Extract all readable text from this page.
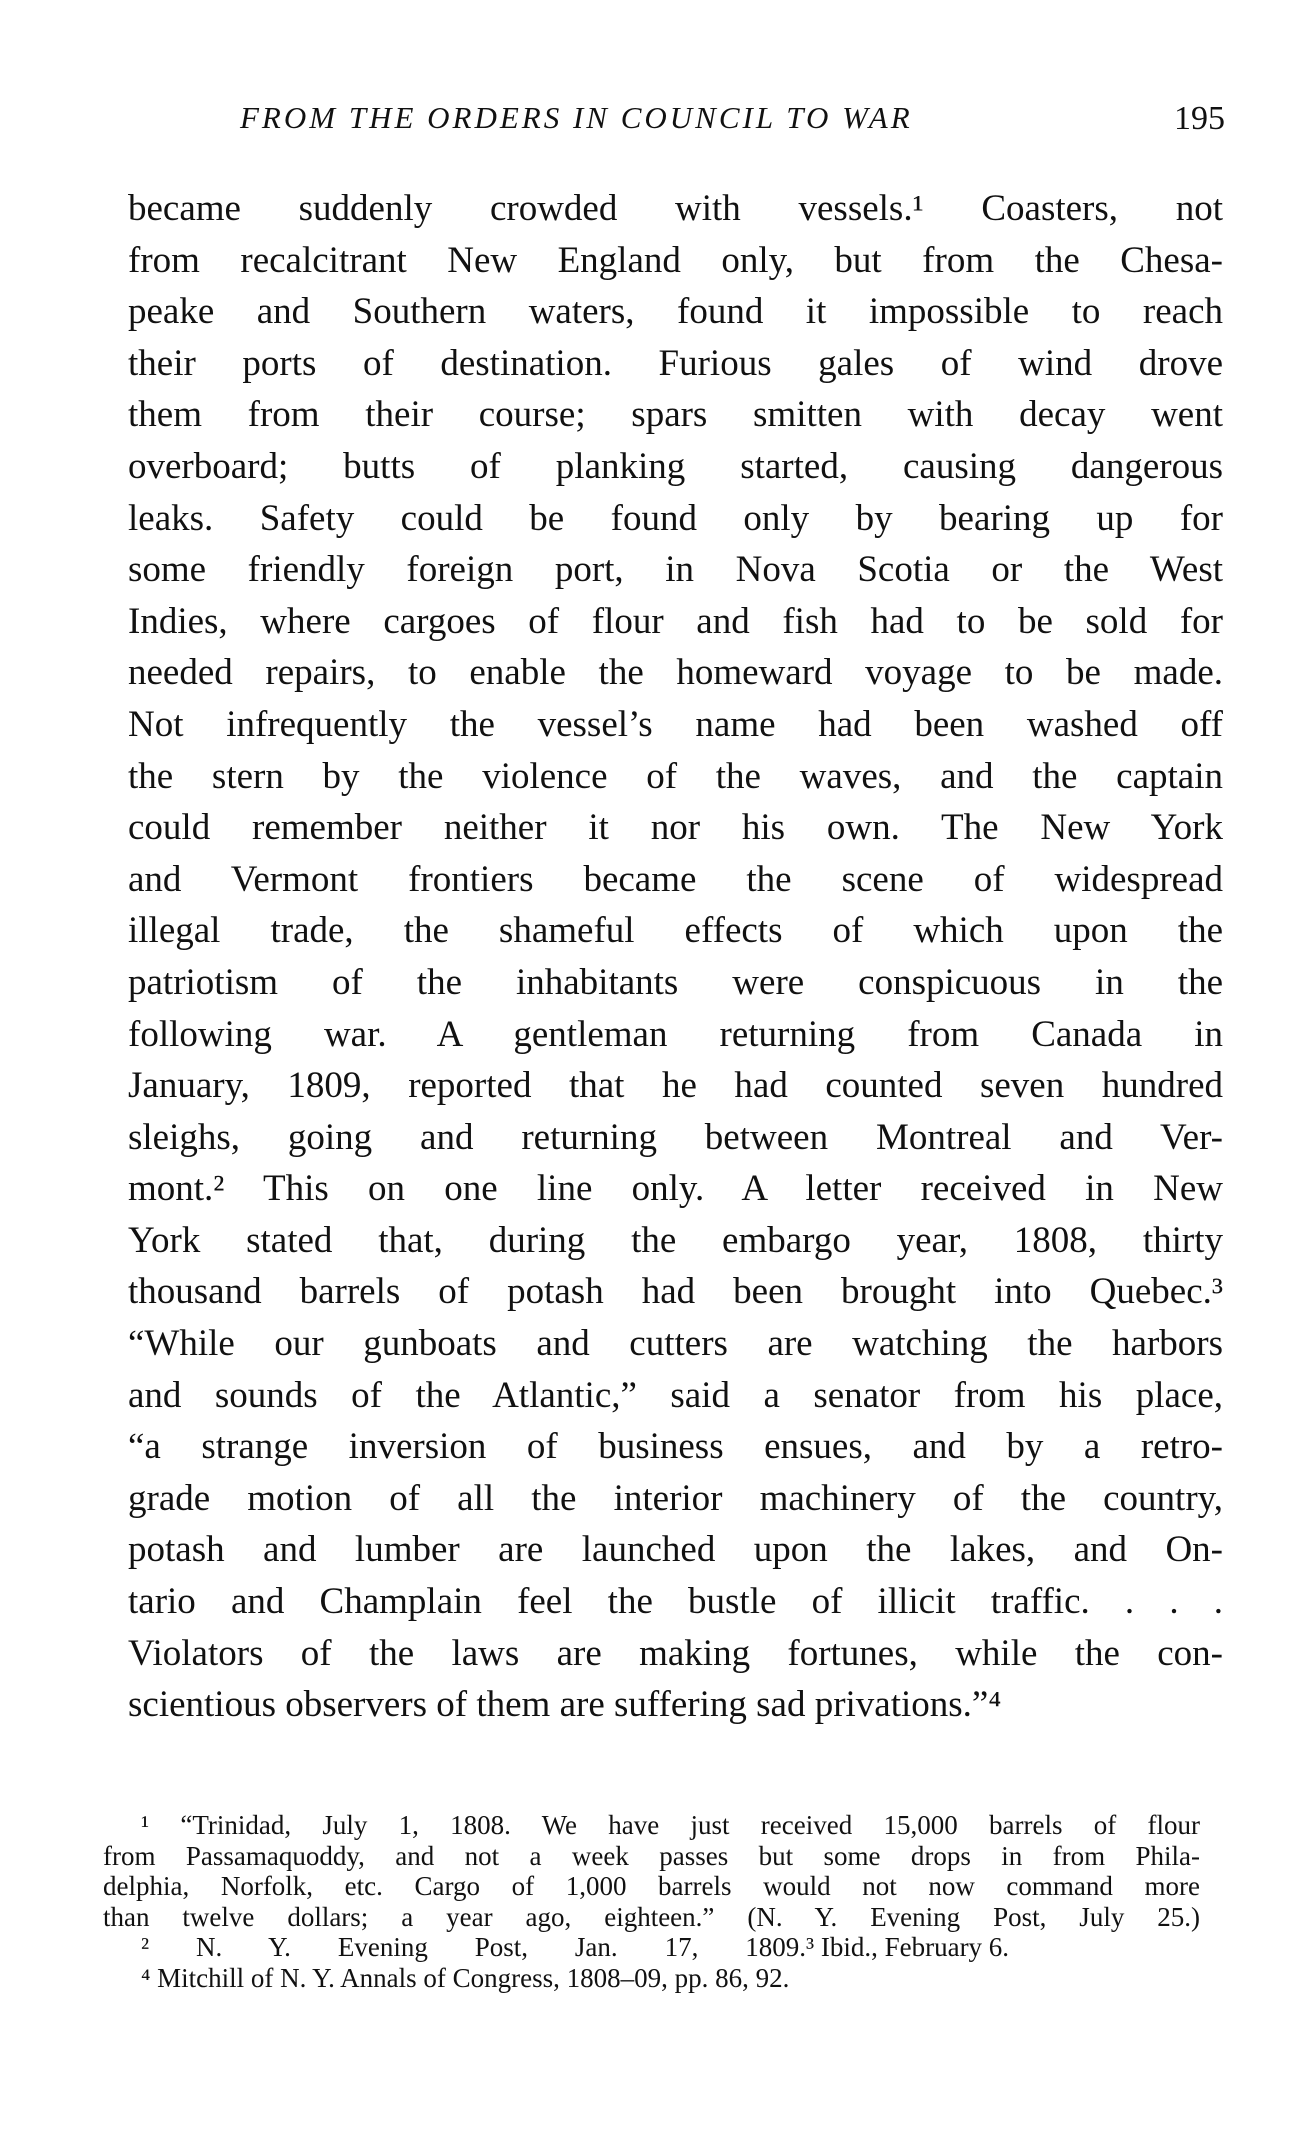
FROM THE ORDERS IN COUNCIL TO WAR	195
became suddenly crowded with vessels.¹ Coasters, not
from recalcitrant New England only, but from the Chesa-
peake and Southern waters, found it impossible to reach
their ports of destination. Furious gales of wind drove
them from their course; spars smitten with decay went
overboard; butts of planking started, causing dangerous
leaks. Safety could be found only by bearing up for
some friendly foreign port, in Nova Scotia or the West
Indies, where cargoes of flour and fish had to be sold for
needed repairs, to enable the homeward voyage to be made.
Not infrequently the vessel’s name had been washed off
the stern by the violence of the waves, and the captain
could remember neither it nor his own. The New York
and Vermont frontiers became the scene of widespread
illegal trade, the shameful effects of which upon the
patriotism of the inhabitants were conspicuous in the
following war. A gentleman returning from Canada in
January, 1809, reported that he had counted seven hundred
sleighs, going and returning between Montreal and Ver-
mont.² This on one line only. A letter received in New
York stated that, during the embargo year, 1808, thirty
thousand barrels of potash had been brought into Quebec.³
“While our gunboats and cutters are watching the harbors
and sounds of the Atlantic,” said a senator from his place,
“a strange inversion of business ensues, and by a retro-
grade motion of all the interior machinery of the country,
potash and lumber are launched upon the lakes, and On-
tario and Champlain feel the bustle of illicit traffic. . . .
Violators of the laws are making fortunes, while the con-
scientious observers of them are suffering sad privations.”⁴
¹ “Trinidad, July 1, 1808. We have just received 15,000 barrels of flour
from Passamaquoddy, and not a week passes but some drops in from Phila-
delphia, Norfolk, etc. Cargo of 1,000 barrels would not now command more
than twelve dollars; a year ago, eighteen.” (N. Y. Evening Post, July 25.)
² N. Y. Evening Post, Jan. 17, 1809. ³ Ibid., February 6.
⁴ Mitchill of N. Y. Annals of Congress, 1808–09, pp. 86, 92.
